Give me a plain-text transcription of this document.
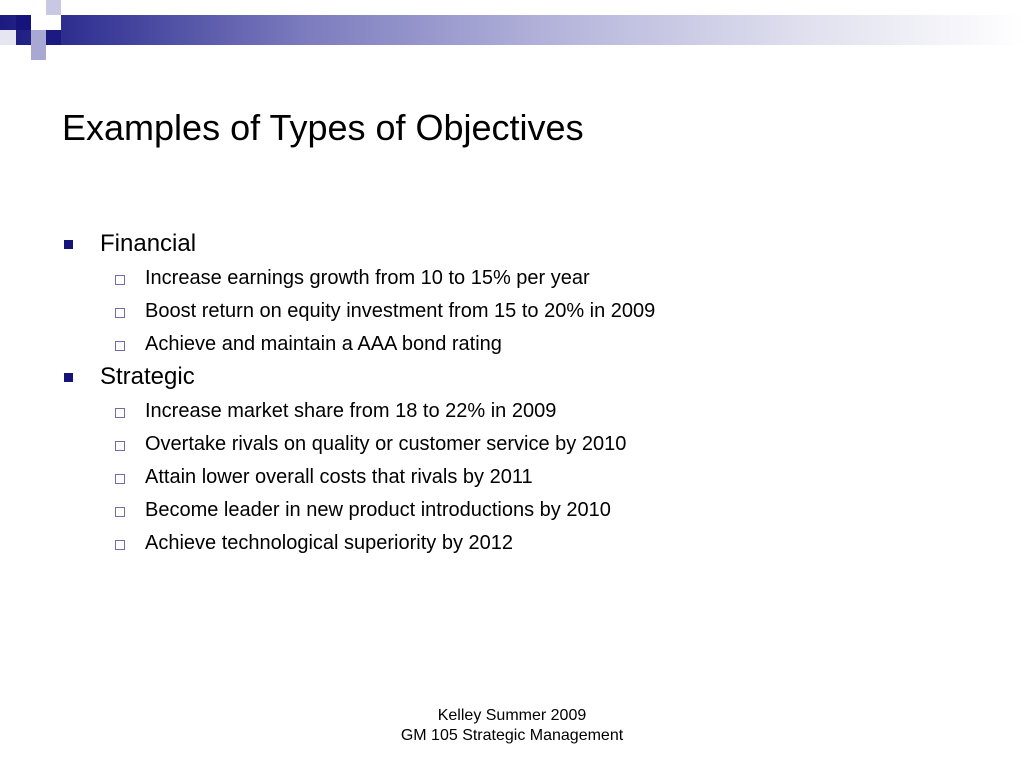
Examples of Types of Objectives
Financial
Increase earnings growth from 10 to 15% per year
Boost return on equity investment from 15 to 20% in 2009
Achieve and maintain a AAA bond rating
Strategic
Increase market share from 18 to 22% in 2009
Overtake rivals on quality or customer service by 2010
Attain lower overall costs that rivals by 2011
Become leader in new product introductions by 2010
Achieve technological superiority by 2012
Kelley Summer 2009
GM 105 Strategic Management
